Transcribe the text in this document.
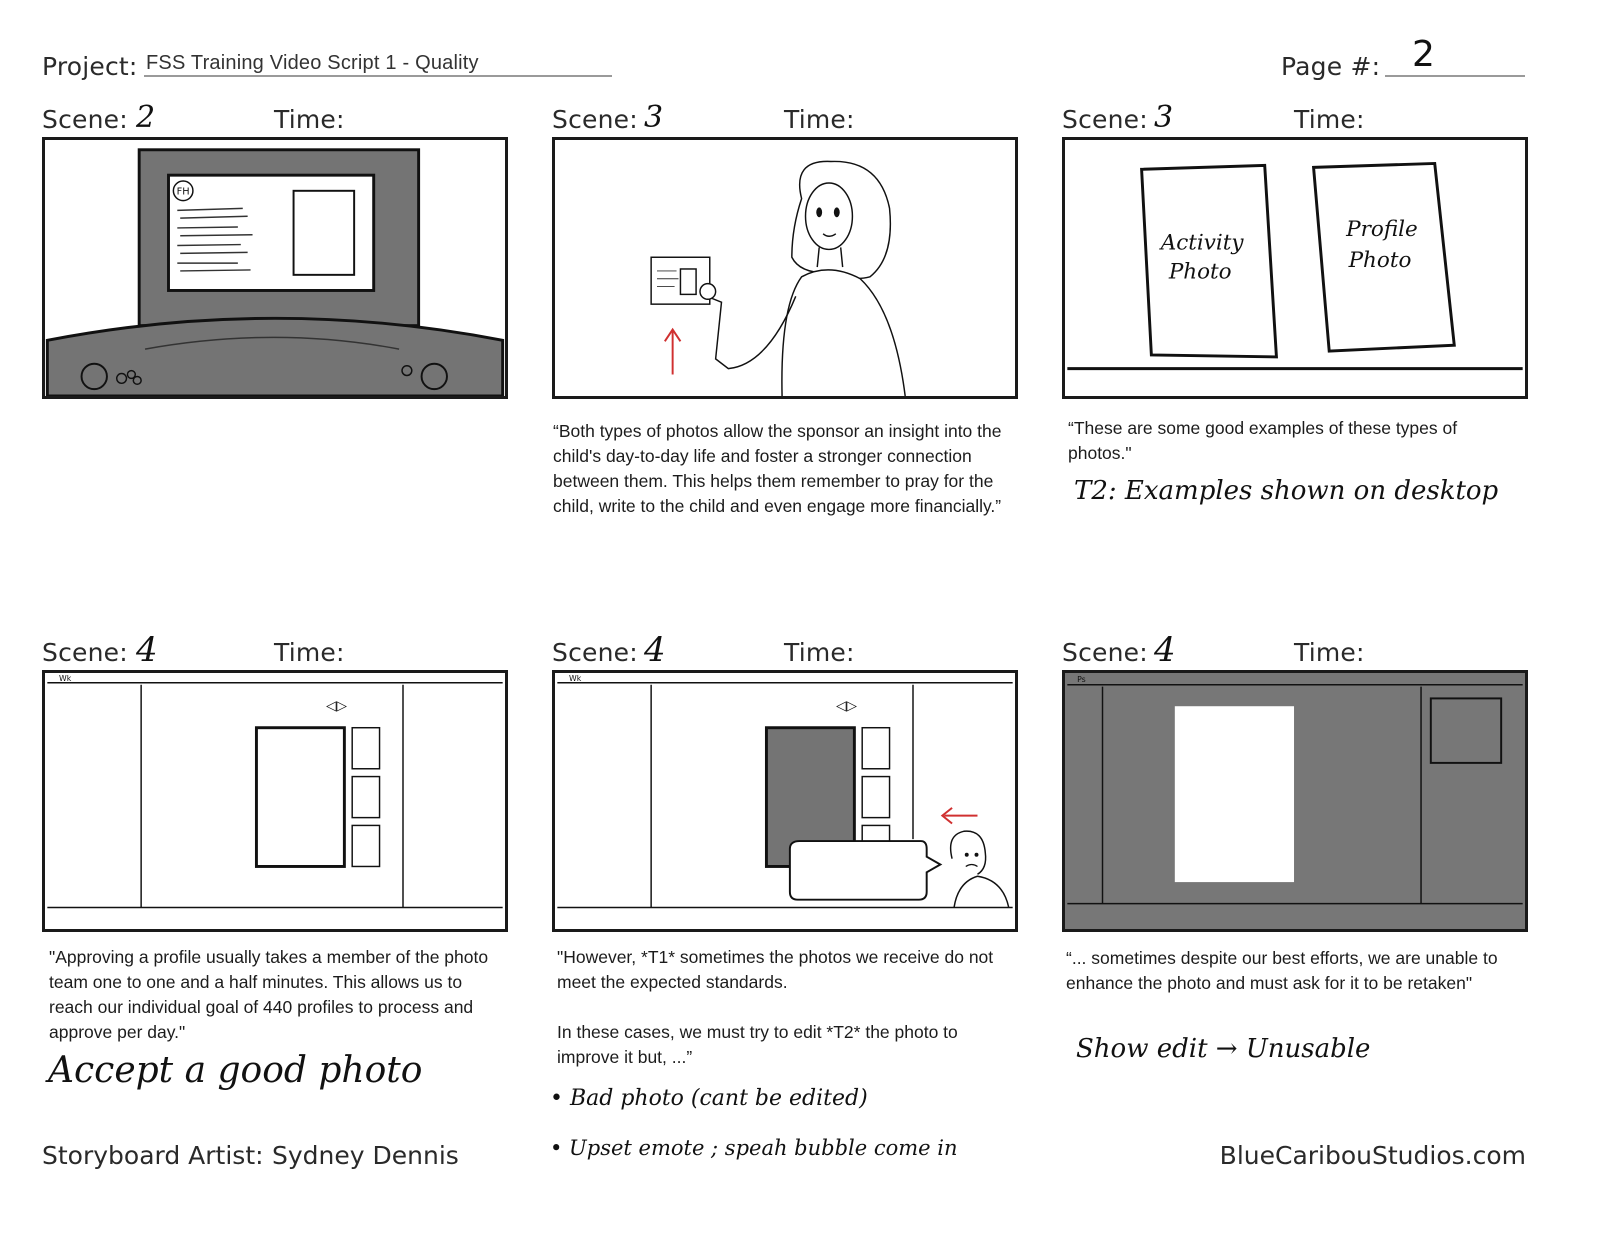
Project: FSS Training Video Script 1 - Quality	Page #: 2
Scene: 2	Time:
FH
Scene: 3	Time:
“Both types of photos allow the sponsor an insight into the child's day-to-day life and foster a stronger connection between them. This helps them remember to pray for the child, write to the child and even engage more financially.”
Scene: 3	Time:
Activity
Photo
Profile
Photo
“These are some good examples of these types of photos."
T2: Examples shown on desktop
Scene: 4	Time:
Wk
◁▷
"Approving a profile usually takes a member of the photo team one to one and a half minutes. This allows us to reach our individual goal of 440 profiles to process and approve per day."
Accept a good photo
Scene: 4	Time:
Wk
◁▷
"However, *T1* sometimes the photos we receive do not meet the expected standards.

In these cases, we must try to edit *T2* the photo to improve it but, ...”
• Bad photo (cant be edited)
• Upset emote ; speah bubble come in
Scene: 4	Time:
Ps
“... sometimes despite our best efforts, we are unable to enhance the photo and must ask for it to be retaken"
Show edit → Unusable
Storyboard Artist: Sydney Dennis	BlueCaribouStudios.com
